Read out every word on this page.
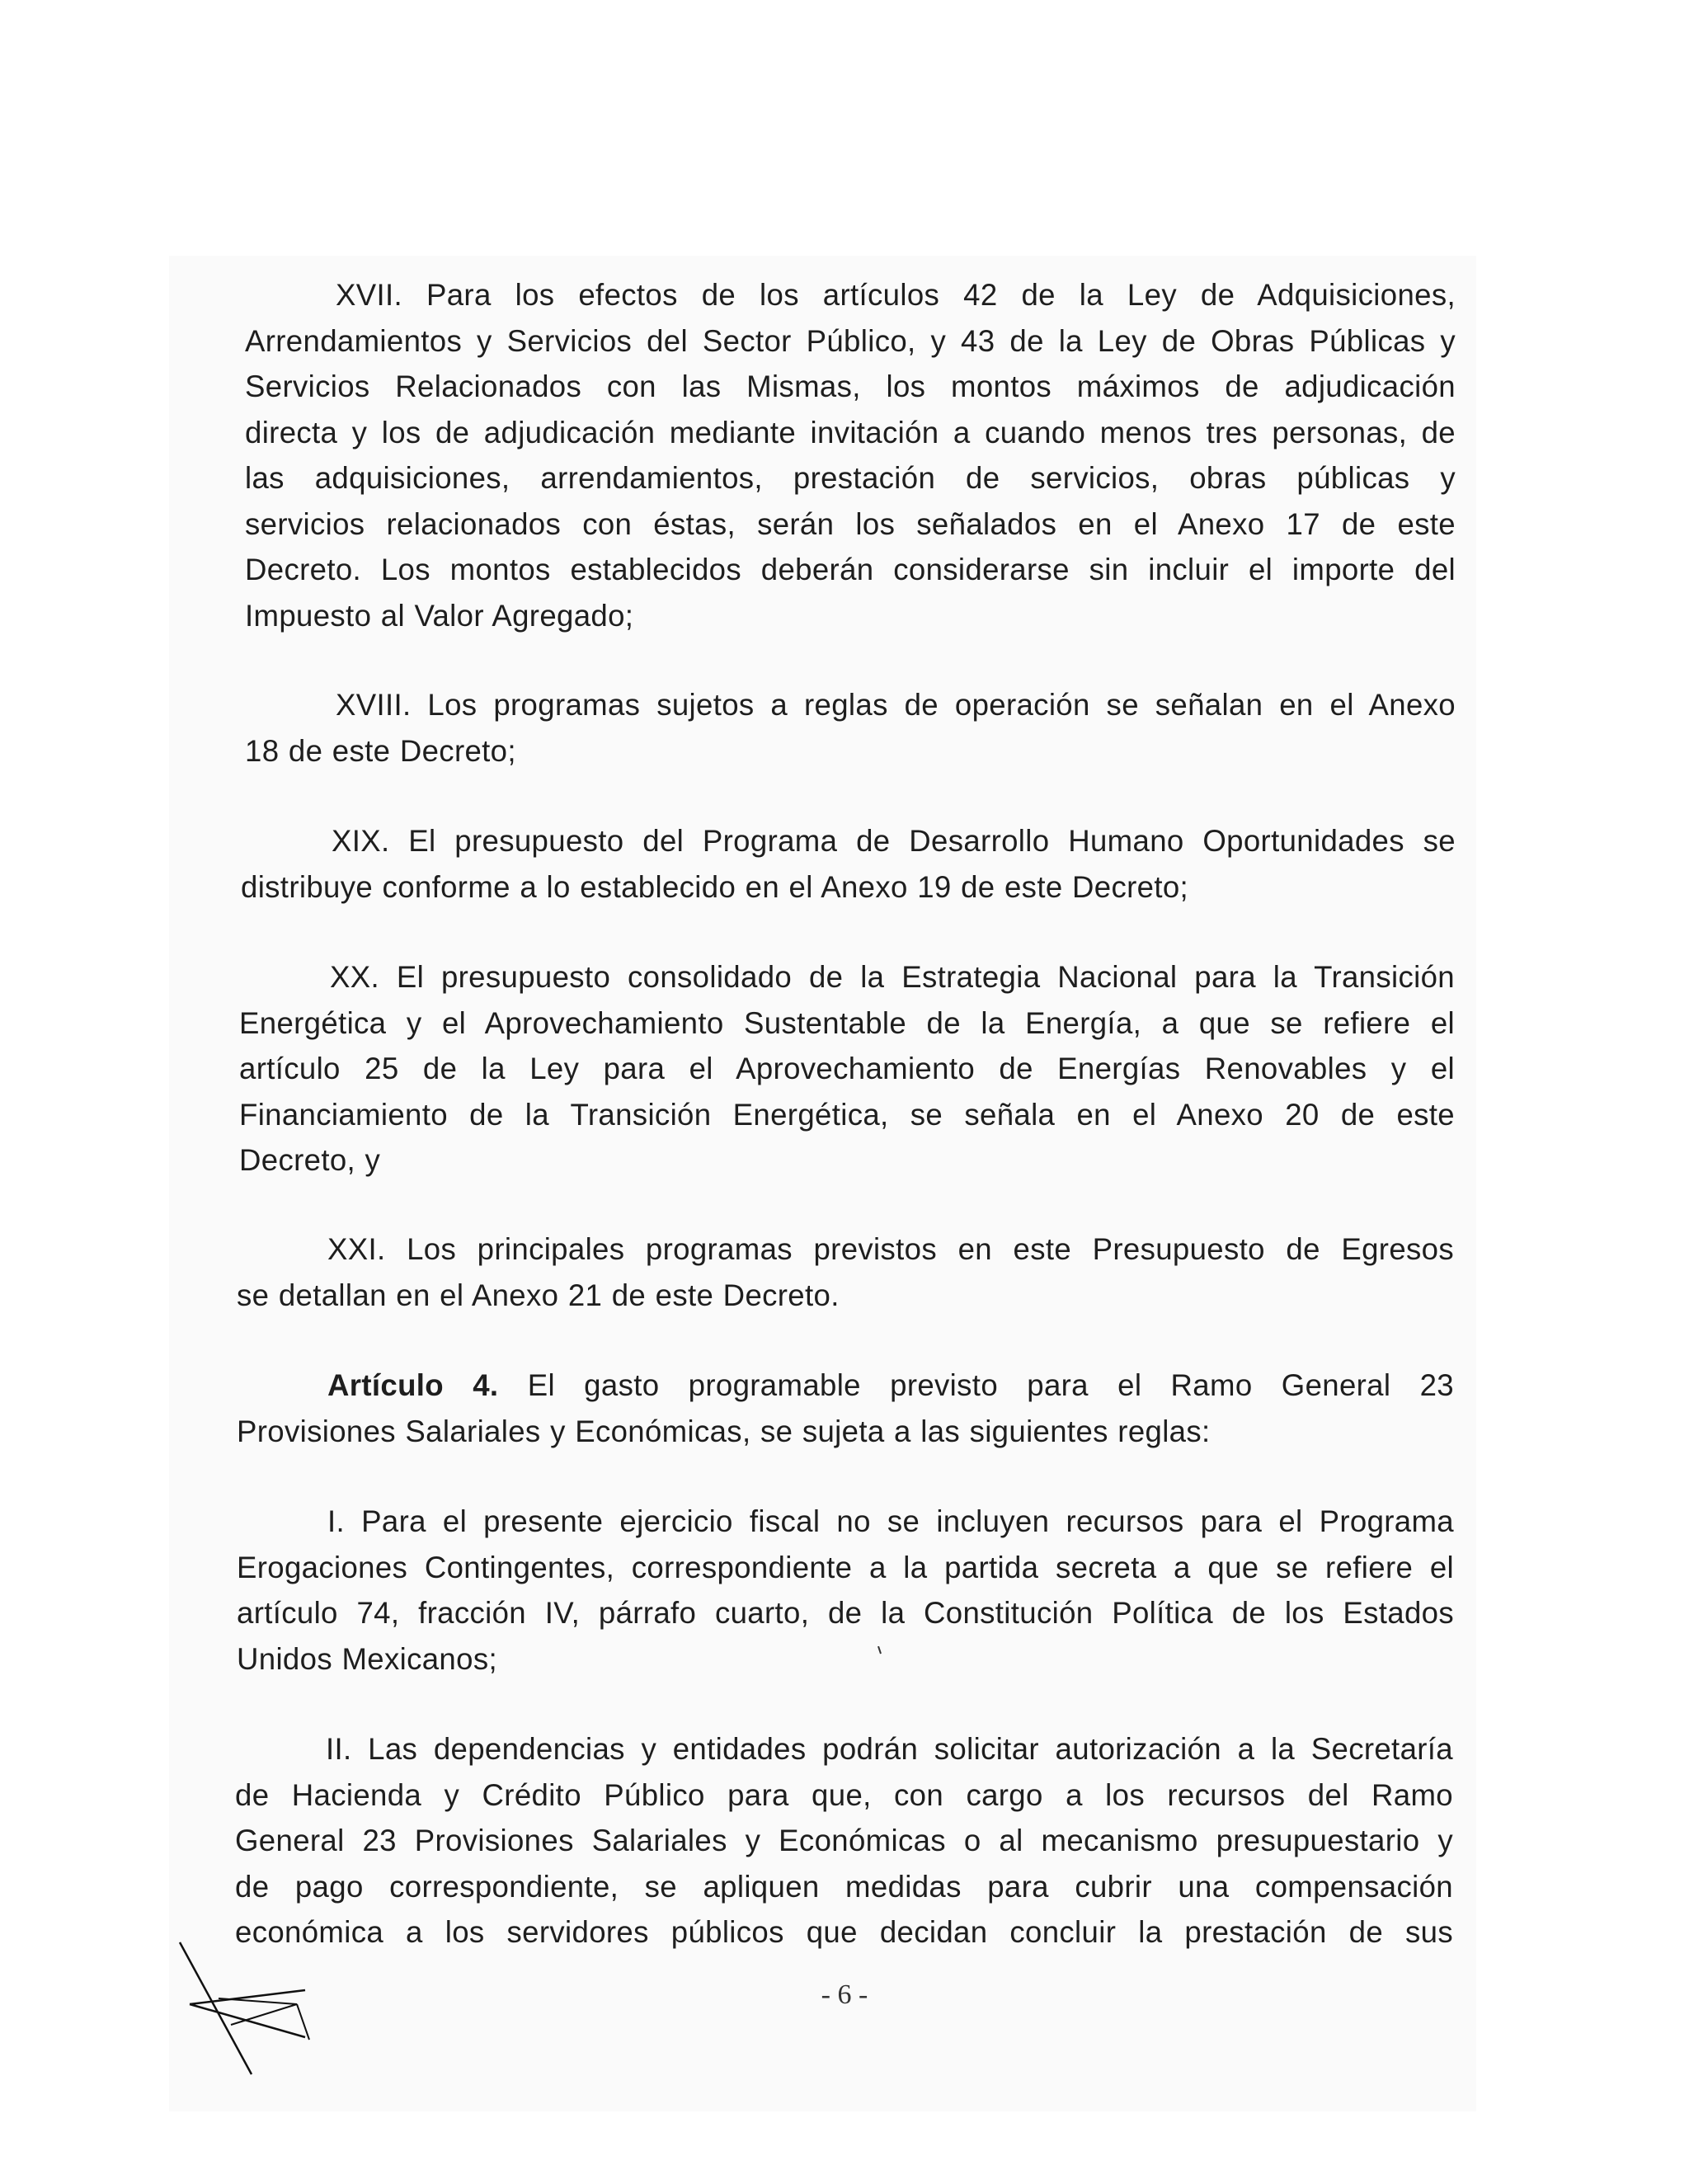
XVII. Para los efectos de los artículos 42 de la Ley de Adquisiciones,
Arrendamientos y Servicios del Sector Público, y 43 de la Ley de Obras Públicas y
Servicios Relacionados con las Mismas, los montos máximos de adjudicación
directa y los de adjudicación mediante invitación a cuando menos tres personas, de
las adquisiciones, arrendamientos, prestación de servicios, obras públicas y
servicios relacionados con éstas, serán los señalados en el Anexo 17 de este
Decreto. Los montos establecidos deberán considerarse sin incluir el importe del
Impuesto al Valor Agregado;
XVIII. Los programas sujetos a reglas de operación se señalan en el Anexo
18 de este Decreto;
XIX. El presupuesto del Programa de Desarrollo Humano Oportunidades se
distribuye conforme a lo establecido en el Anexo 19 de este Decreto;
XX. El presupuesto consolidado de la Estrategia Nacional para la Transición
Energética y el Aprovechamiento Sustentable de la Energía, a que se refiere el
artículo 25 de la Ley para el Aprovechamiento de Energías Renovables y el
Financiamiento de la Transición Energética, se señala en el Anexo 20 de este
Decreto, y
XXI. Los principales programas previstos en este Presupuesto de Egresos
se detallan en el Anexo 21 de este Decreto.
Artículo 4. El gasto programable previsto para el Ramo General 23
Provisiones Salariales y Económicas, se sujeta a las siguientes reglas:
I. Para el presente ejercicio fiscal no se incluyen recursos para el Programa
Erogaciones Contingentes, correspondiente a la partida secreta a que se refiere el
artículo 74, fracción IV, párrafo cuarto, de la Constitución Política de los Estados
Unidos Mexicanos;
II. Las dependencias y entidades podrán solicitar autorización a la Secretaría
de Hacienda y Crédito Público para que, con cargo a los recursos del Ramo
General 23 Provisiones Salariales y Económicas o al mecanismo presupuestario y
de pago correspondiente, se apliquen medidas para cubrir una compensación
económica a los servidores públicos que decidan concluir la prestación de sus
- 6 -
